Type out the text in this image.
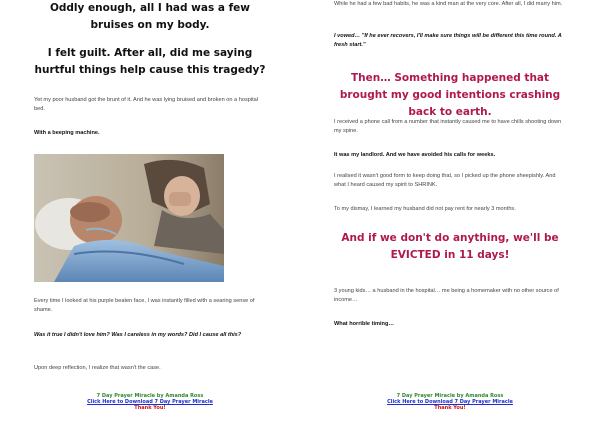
Oddly enough, all I had was a few bruises on my body.

I felt guilt. After all, did me saying hurtful things help cause this tragedy?

Yet my poor husband got the brunt of it. And he was lying bruised and broken on a hospital bed.

With a beeping machine.

Every time I looked at his purple beaten face, I was instantly filled with a searing sense of shame.

Was it true I didn't love him? Was I careless in my words? Did I cause all this?

Upon deep reflection, I realize that wasn't the case.

7 Day Prayer Miracle by Amanda Ross
Click Here to Download 7 Day Prayer Miracle
Thank You!

While he had a few bad habits, he was a kind man at the very core. After all, I did marry him.

I vowed… "If he ever recovers, I'll make sure things will be different this time round. A fresh start."

Then… Something happened that brought my good intentions crashing back to earth.

I received a phone call from a number that instantly caused me to have chills shooting down my spine.

It was my landlord. And we have avoided his calls for weeks.

I realised it wasn't good form to keep doing that, so I picked up the phone sheepishly. And what I heard caused my spirit to SHRINK.

To my dismay, I learned my husband did not pay rent for nearly 3 months.

And if we don't do anything, we'll be EVICTED in 11 days!

3 young kids… a husband in the hospital… me being a homemaker with no other source of income…

What horrible timing…

7 Day Prayer Miracle by Amanda Ross
Click Here to Download 7 Day Prayer Miracle
Thank You!
